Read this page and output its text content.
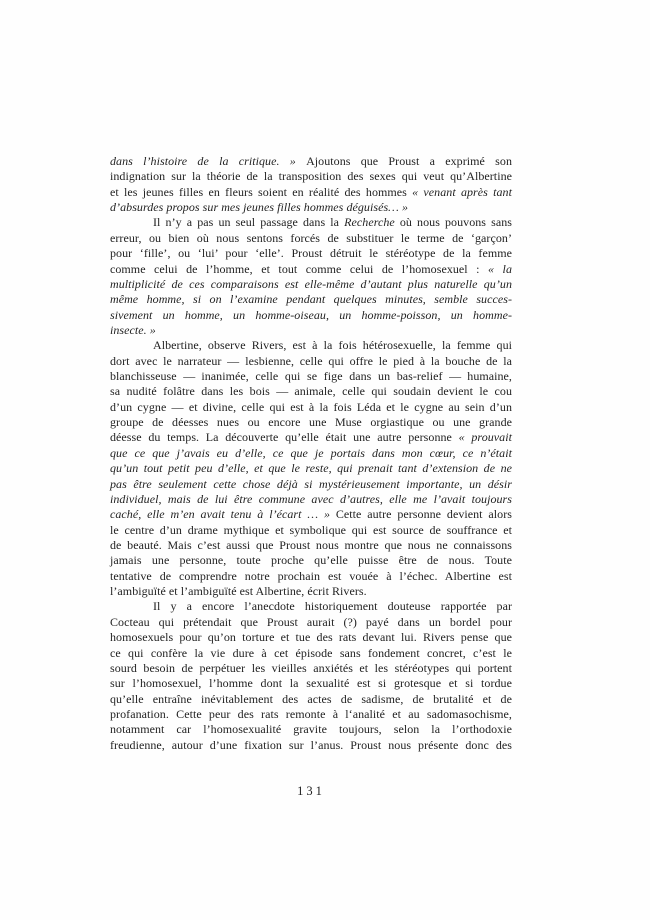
dans l’histoire de la critique. » Ajoutons que Proust a exprimé son
indignation sur la théorie de la transposition des sexes qui veut qu’Albertine
et les jeunes filles en fleurs soient en réalité des hommes « venant après tant
d’absurdes propos sur mes jeunes filles hommes déguisés… »
Il n’y a pas un seul passage dans la Recherche où nous pouvons sans
erreur, ou bien où nous sentons forcés de substituer le terme de ‘garçon’
pour ‘fille’, ou ‘lui’ pour ‘elle’. Proust détruit le stéréotype de la femme
comme celui de l’homme, et tout comme celui de l’homosexuel : « la
multiplicité de ces comparaisons est elle-même d’autant plus naturelle qu’un
même homme, si on l’examine pendant quelques minutes, semble succes-
sivement un homme, un homme-oiseau, un homme-poisson, un homme-
insecte. »
Albertine, observe Rivers, est à la fois hétérosexuelle, la femme qui
dort avec le narrateur — lesbienne, celle qui offre le pied à la bouche de la
blanchisseuse — inanimée, celle qui se fige dans un bas-relief — humaine,
sa nudité folâtre dans les bois — animale, celle qui soudain devient le cou
d’un cygne — et divine, celle qui est à la fois Léda et le cygne au sein d’un
groupe de déesses nues ou encore une Muse orgiastique ou une grande
déesse du temps. La découverte qu’elle était une autre personne « prouvait
que ce que j’avais eu d’elle, ce que je portais dans mon cœur, ce n’était
qu’un tout petit peu d’elle, et que le reste, qui prenait tant d’extension de ne
pas être seulement cette chose déjà si mystérieusement importante, un désir
individuel, mais de lui être commune avec d’autres, elle me l’avait toujours
caché, elle m’en avait tenu à l’écart … » Cette autre personne devient alors
le centre d’un drame mythique et symbolique qui est source de souffrance et
de beauté. Mais c’est aussi que Proust nous montre que nous ne connaissons
jamais une personne, toute proche qu’elle puisse être de nous. Toute
tentative de comprendre notre prochain est vouée à l’échec. Albertine est
l’ambiguïté et l’ambiguïté est Albertine, écrit Rivers.
Il y a encore l’anecdote historiquement douteuse rapportée par
Cocteau qui prétendait que Proust aurait (?) payé dans un bordel pour
homosexuels pour qu’on torture et tue des rats devant lui. Rivers pense que
ce qui confère la vie dure à cet épisode sans fondement concret, c’est le
sourd besoin de perpétuer les vieilles anxiétés et les stéréotypes qui portent
sur l’homosexuel, l’homme dont la sexualité est si grotesque et si tordue
qu’elle entraîne inévitablement des actes de sadisme, de brutalité et de
profanation. Cette peur des rats remonte à l‘analité et au sadomasochisme,
notamment car l’homosexualité gravite toujours, selon la l’orthodoxie
freudienne, autour d’une fixation sur l’anus. Proust nous présente donc des
131
